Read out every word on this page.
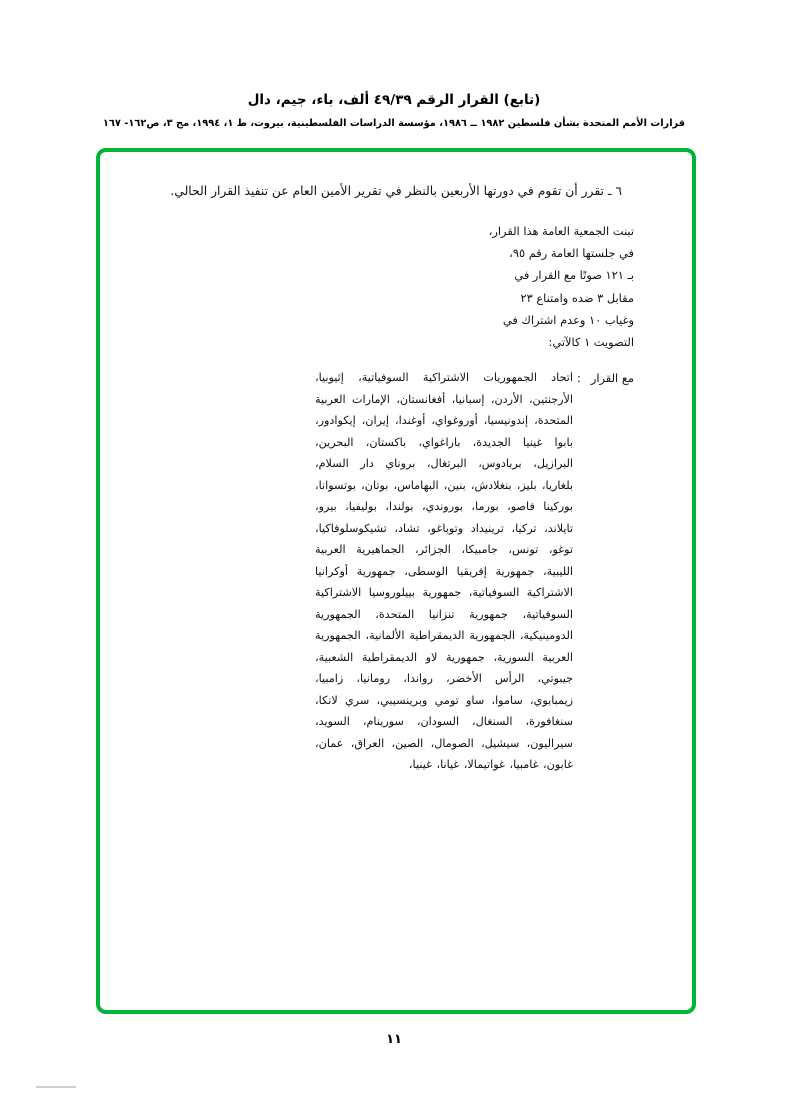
(تابع) القرار الرقم ٤٩/٣٩ ألف، باء، جيم، دال
قرارات الأمم المتحدة بشأن فلسطين ١٩٨٢ ــ ١٩٨٦، مؤسسة الدراسات الفلسطينية، بيروت، ط ١، ١٩٩٤، مج ٣، ص١٦٢- ١٦٧

٦ ـ تقرر أن تقوم في دورتها الأربعين بالنظر في تقرير الأمين العام عن تنفيذ القرار الحالي.

تبنت الجمعية العامة هذا القرار،
في جلستها العامة رقم ٩٥،
بـ ١٢١ صوتًا مع القرار في
مقابل ٣ ضده وامتناع ٢٣
وغياب ١٠ وعدم اشتراك في
التصويت ١ كالآتي:
مع القرار
:
اتحاد الجمهوريات الاشتراكية السوفياتية، إثيوبيا، الأرجنتين، الأردن، إسبانيا، أفغانستان، الإمارات العربية المتحدة، إندونيسيا، أوروغواي، أوغندا، إيران، إيكوادور، بابوا غينيا الجديدة، باراغواي، باكستان، البحرين، البرازيل، بربادوس، البرتغال، بروناي دار السلام، بلغاريا، بليز، بنغلادش، بنين، البهاماس، بوتان، بوتسوانا، بوركينا فاصو، بورما، بوروندي، بولندا، بوليفيا، بيرو، تايلاند، تركيا، ترينيداد وتوباغو، تشاد، تشيكوسلوفاكيا، توغو، تونس، جامبيكا، الجزائر، الجماهيرية العربية الليبية، جمهورية إفريقيا الوسطى، جمهورية أوكرانيا الاشتراكية السوفياتية، جمهورية بييلوروسيا الاشتراكية السوفياتية، جمهورية تنزانيا المتحدة، الجمهورية الدومينيكية، الجمهورية الديمقراطية الألمانية، الجمهورية العربية السورية، جمهورية لاو الديمقراطية الشعبية، جيبوتي، الرأس الأخضر، رواندا، رومانيا، زامبيا، زيمبابوي، ساموا، ساو تومي وبرينسيبي، سري لانكا، سنغافورة، السنغال، السودان، سورينام، السويد، سيراليون، سيشيل، الصومال، الصين، العراق، عمان، غابون، غامبيا، غواتيمالا، غيانا، غينيا،
١١
